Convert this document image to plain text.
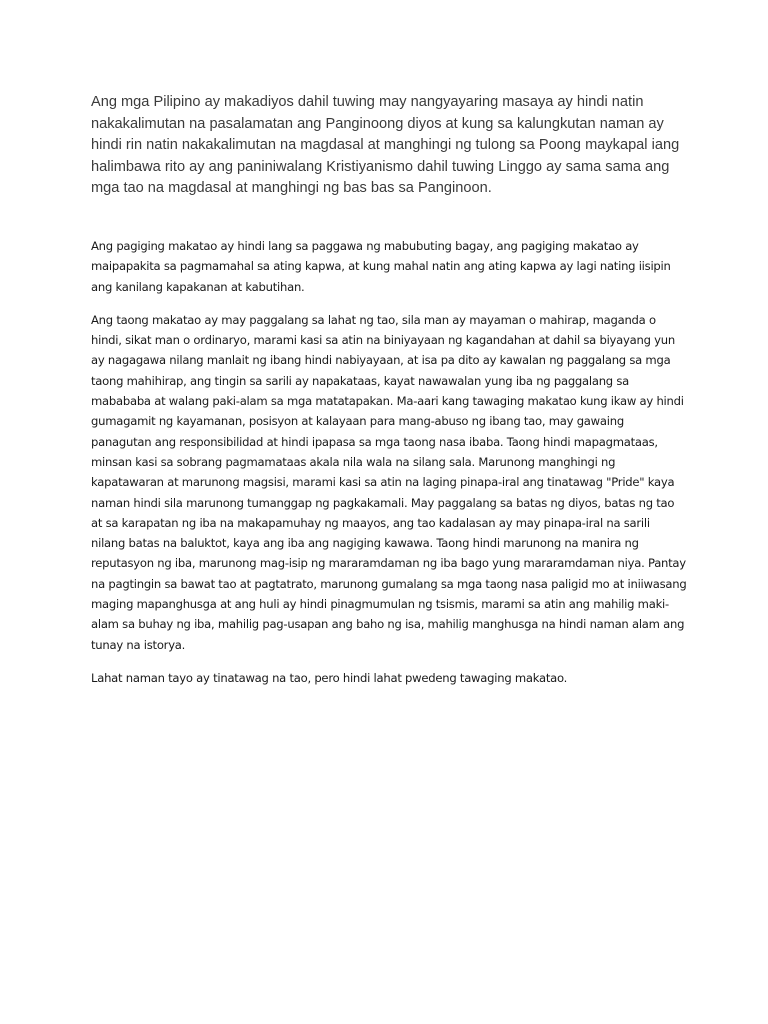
Ang mga Pilipino ay makadiyos dahil tuwing may nangyayaring masaya ay hindi natin nakakalimutan na pasalamatan ang Panginoong diyos at kung sa kalungkutan naman ay hindi rin natin nakakalimutan na magdasal at manghingi ng tulong sa Poong maykapal iang halimbawa rito ay ang paniniwalang Kristiyanismo dahil tuwing Linggo ay sama sama ang mga tao na magdasal at manghingi ng bas bas sa Panginoon.

Ang pagiging makatao ay hindi lang sa paggawa ng mabubuting bagay, ang pagiging makatao ay maipapakita sa pagmamahal sa ating kapwa, at kung mahal natin ang ating kapwa ay lagi nating iisipin ang kanilang kapakanan at kabutihan.

Ang taong makatao ay may paggalang sa lahat ng tao, sila man ay mayaman o mahirap, maganda o hindi, sikat man o ordinaryo, marami kasi sa atin na biniyayaan ng kagandahan at dahil sa biyayang yun ay nagagawa nilang manlait ng ibang hindi nabiyayaan, at isa pa dito ay kawalan ng paggalang sa mga taong mahihirap, ang tingin sa sarili ay napakataas, kayat nawawalan yung iba ng paggalang sa mabababa at walang paki-alam sa mga matatapakan. Ma-aari kang tawaging makatao kung ikaw ay hindi gumagamit ng kayamanan, posisyon at kalayaan para mang-abuso ng ibang tao, may gawaing panagutan ang responsibilidad at hindi ipapasa sa mga taong nasa ibaba. Taong hindi mapagmataas, minsan kasi sa sobrang pagmamataas akala nila wala na silang sala. Marunong manghingi ng kapatawaran at marunong magsisi, marami kasi sa atin na laging pinapa-iral ang tinatawag "Pride" kaya naman hindi sila marunong tumanggap ng pagkakamali. May paggalang sa batas ng diyos, batas ng tao at sa karapatan ng iba na makapamuhay ng maayos, ang tao kadalasan ay may pinapa-iral na sarili nilang batas na baluktot, kaya ang iba ang nagiging kawawa. Taong hindi marunong na manira ng reputasyon ng iba, marunong mag-isip ng mararamdaman ng iba bago yung mararamdaman niya. Pantay na pagtingin sa bawat tao at pagtatrato, marunong gumalang sa mga taong nasa paligid mo at iniiwasang maging mapanghusga at ang huli ay hindi pinagmumulan ng tsismis, marami sa atin ang mahilig maki-alam sa buhay ng iba, mahilig pag-usapan ang baho ng isa, mahilig manghusga na hindi naman alam ang tunay na istorya.

Lahat naman tayo ay tinatawag na tao, pero hindi lahat pwedeng tawaging makatao.
